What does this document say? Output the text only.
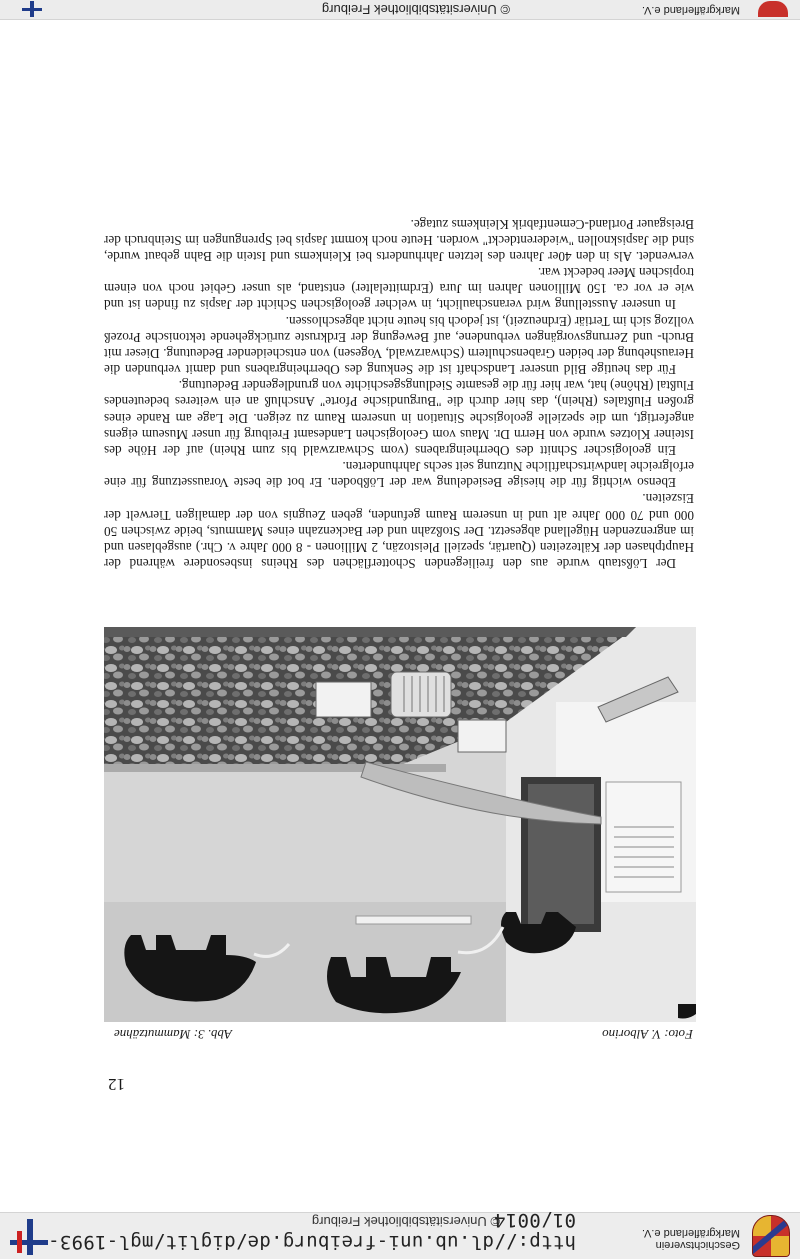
Geschichtsverein
Markgräflerland e.V.
http://dl.ub.uni-freiburg.de/diglit/mgl-1993-01/0014
© Universitätsbibliothek Freiburg
12
Abb. 3: Mammutzähne	Foto: V. Alborino

Der Lößstaub wurde aus den freiliegenden Schotterflächen des Rheins insbesondere während der Hauptphasen der Kältezeiten (Quartär, speziell Pleistozän, 2 Millionen - 8 000 Jahre v. Chr.) ausgeblasen und im angrenzenden Hügelland abgesetzt. Der Stoßzahn und der Backenzahn eines Mammuts, beide zwischen 50 000 und 70 000 Jahre alt und in unserem Raum gefunden, geben Zeugnis von der damaligen Tierwelt der Eiszeiten.

Ebenso wichtig für die hiesige Besiedelung war der Lößboden. Er bot die beste Voraussetzung für eine erfolgreiche landwirtschaftliche Nutzung seit sechs Jahrhunderten.

Ein geologischer Schnitt des Oberrheingrabens (vom Schwarzwald bis zum Rhein) auf der Höhe des Isteiner Klotzes wurde von Herrn Dr. Maus vom Geologischen Landesamt Freiburg für unser Museum eigens angefertigt, um die spezielle geologische Situation in unserem Raum zu zeigen. Die Lage am Rande eines großen Flußtales (Rhein), das hier durch die "Burgundische Pforte" Anschluß an ein weiteres bedeutendes Flußtal (Rhône) hat, war hier für die gesamte Siedlungsgeschichte von grundlegender Bedeutung.

Für das heutige Bild unserer Landschaft ist die Senkung des Oberrheingrabens und damit verbunden die Heraushebung der beiden Grabenschultern (Schwarzwald, Vogesen) von entscheidender Bedeutung. Dieser mit Bruch- und Zerrungsvorgängen verbundene, auf Bewegung der Erdkruste zurückgehende tektonische Prozeß vollzog sich im Tertiär (Erdneuzeit), ist jedoch bis heute nicht abgeschlossen.

In unserer Ausstellung wird veranschaulicht, in welcher geologischen Schicht der Jaspis zu finden ist und wie er vor ca. 150 Millionen Jahren im Jura (Erdmittelalter) entstand, als unser Gebiet noch von einem tropischen Meer bedeckt war.

verwendet. Als in den 40er Jahren des letzten Jahrhunderts bei Kleinkems und Istein die Bahn gebaut wurde, sind die Jaspisknollen "wiederentdeckt" worden. Heute noch kommt Jaspis bei Sprengungen im Steinbruch der Breisgauer Portland-Cementfabrik Kleinkems zutage.

Markgräflerland e.V.
© Universitätsbibliothek Freiburg
